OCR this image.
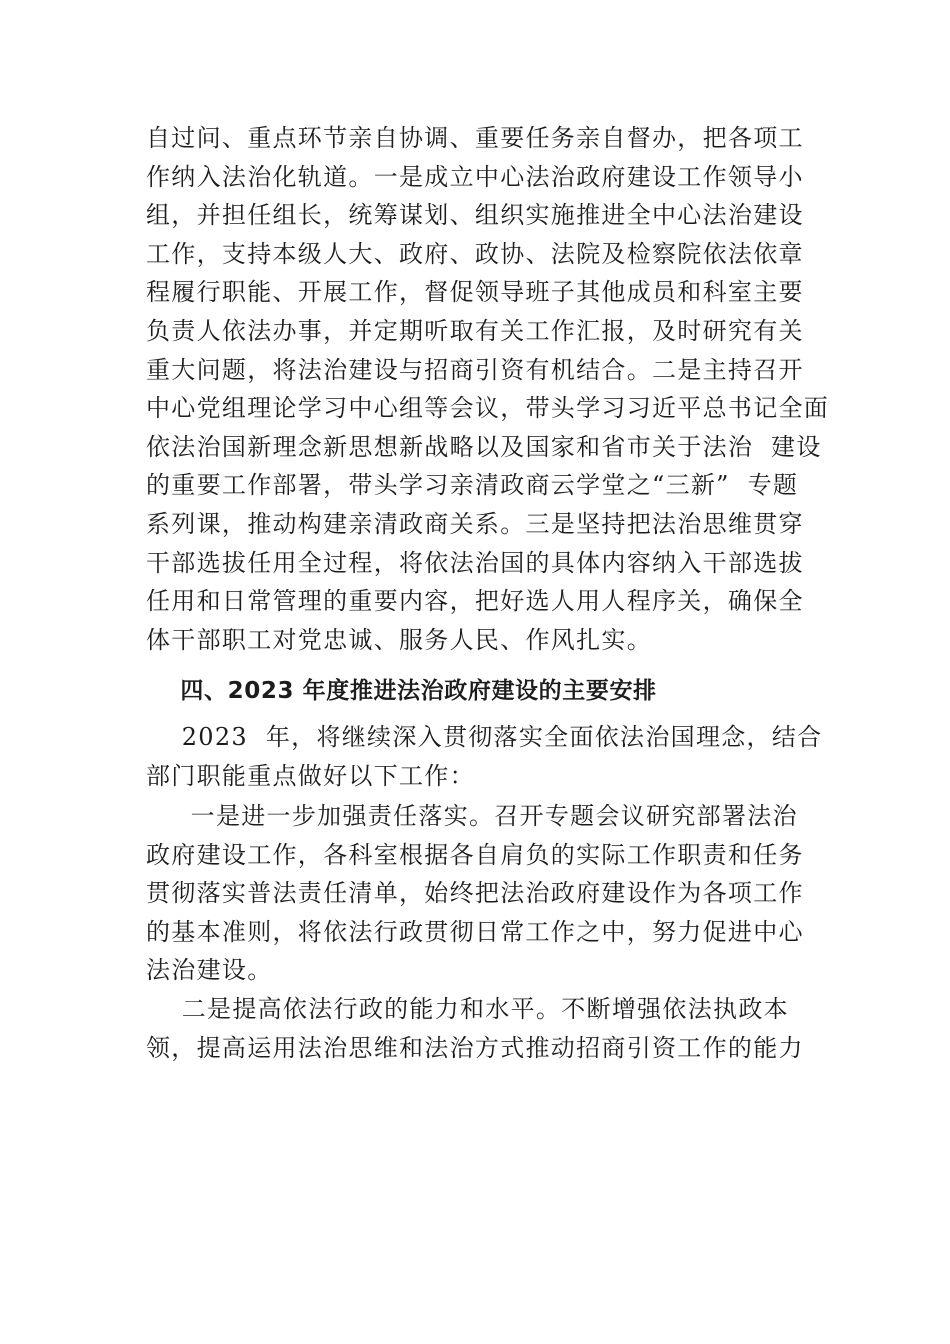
自过问、重点环节亲自协调、重要任务亲自督办，把各项工
作纳入法治化轨道。一是成立中心法治政府建设工作领导小
组，并担任组长，统筹谋划、组织实施推进全中心法治建设
工作，支持本级人大、政府、政协、法院及检察院依法依章
程履行职能、开展工作，督促领导班子其他成员和科室主要
负责人依法办事，并定期听取有关工作汇报，及时研究有关
重大问题，将法治建设与招商引资有机结合。二是主持召开
中心党组理论学习中心组等会议，带头学习习近平总书记全面
依法治国新理念新思想新战略以及国家和省市关于法治  建设
的重要工作部署，带头学习亲清政商云学堂之“三新”  专题
系列课，推动构建亲清政商关系。三是坚持把法治思维贯穿
干部选拔任用全过程，将依法治国的具体内容纳入干部选拔
任用和日常管理的重要内容，把好选人用人程序关，确保全
体干部职工对党忠诚、服务人民、作风扎实。
四、2023 年度推进法治政府建设的主要安排
2023  年，将继续深入贯彻落实全面依法治国理念，结合
部门职能重点做好以下工作：
一是进一步加强责任落实。召开专题会议研究部署法治
政府建设工作，各科室根据各自肩负的实际工作职责和任务
贯彻落实普法责任清单，始终把法治政府建设作为各项工作
的基本准则，将依法行政贯彻日常工作之中，努力促进中心
法治建设。
二是提高依法行政的能力和水平。不断增强依法执政本
领，提高运用法治思维和法治方式推动招商引资工作的能力
